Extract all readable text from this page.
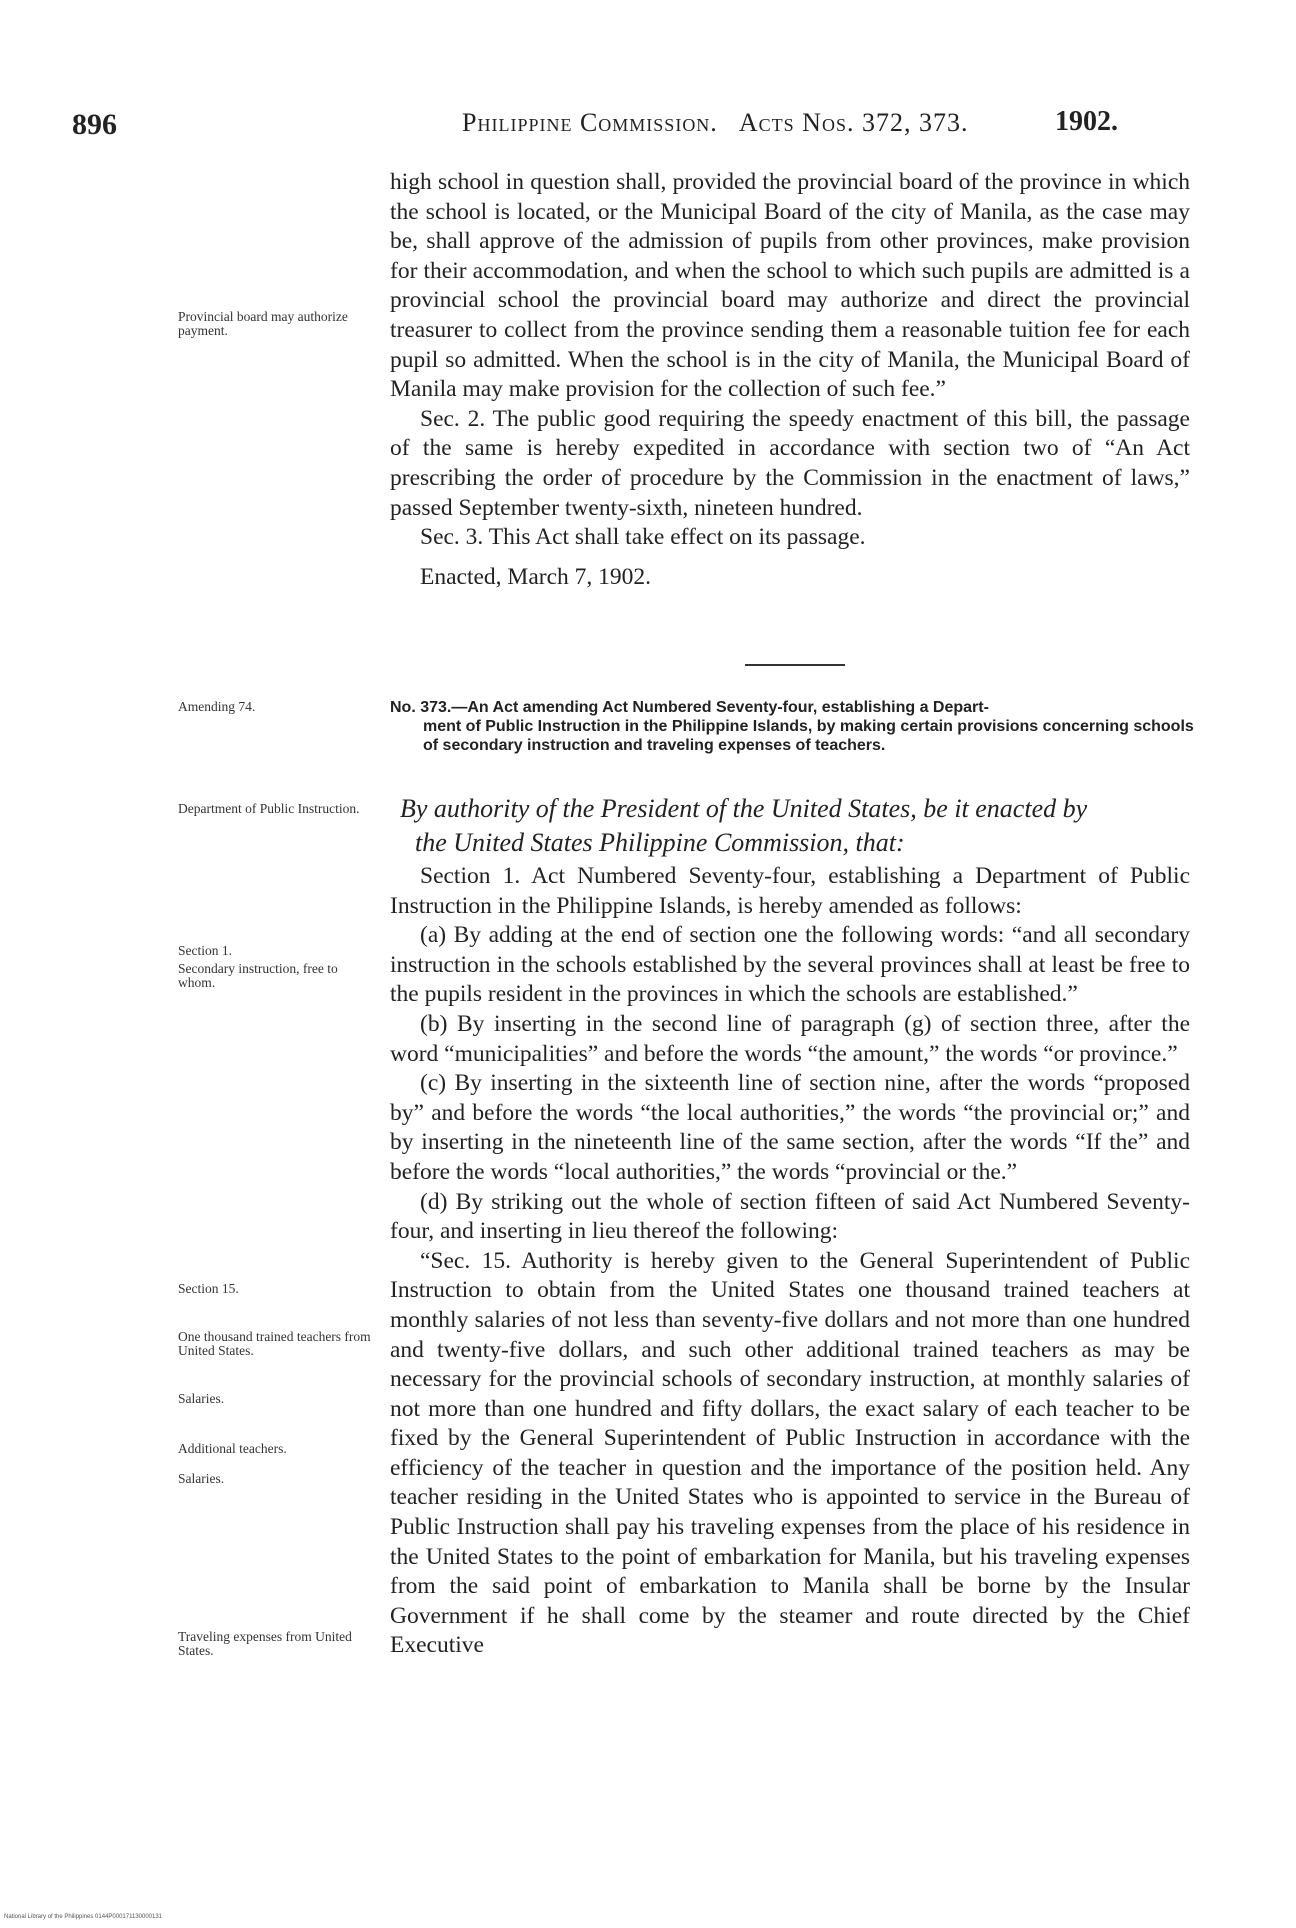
896	Philippine Commission.   Acts Nos. 372, 373.	1902.

high school in question shall, provided the provincial board of the province in which the school is located, or the Municipal Board of the city of Manila, as the case may be, shall approve of the admission of pupils from other provinces, make provision for their accommodation, and when the school to which such pupils are admitted is a provincial school the provincial board may authorize and direct the provincial treasurer to collect from the province sending them a reasonable tuition fee for each pupil so admitted. When the school is in the city of Manila, the Municipal Board of Manila may make provision for the collection of such fee.”

Sec. 2. The public good requiring the speedy enactment of this bill, the passage of the same is hereby expedited in accordance with section two of “An Act prescribing the order of procedure by the Commission in the enactment of laws,” passed September twenty-sixth, nineteen hundred.

Sec. 3. This Act shall take effect on its passage.

Enacted, March 7, 1902.

No. 373.—An Act amending Act Numbered Seventy-four, establishing a Depart-
ment of Public Instruction in the Philippine Islands, by making certain provisions concerning schools of secondary instruction and traveling expenses of teachers.
By authority of the President of the United States, be it enacted by
the United States Philippine Commission, that:

Section 1. Act Numbered Seventy-four, establishing a Department of Public Instruction in the Philippine Islands, is hereby amended as follows:

(a) By adding at the end of section one the following words: “and all secondary instruction in the schools established by the several provinces shall at least be free to the pupils resident in the provinces in which the schools are established.”

(b) By inserting in the second line of paragraph (g) of section three, after the word “municipalities” and before the words “the amount,” the words “or province.”

(c) By inserting in the sixteenth line of section nine, after the words “proposed by” and before the words “the local authorities,” the words “the provincial or;” and by inserting in the nineteenth line of the same section, after the words “If the” and before the words “local authorities,” the words “provincial or the.”

(d) By striking out the whole of section fifteen of said Act Numbered Seventy-four, and inserting in lieu thereof the following:

“Sec. 15. Authority is hereby given to the General Superintendent of Public Instruction to obtain from the United States one thousand trained teachers at monthly salaries of not less than seventy-five dollars and not more than one hundred and twenty-five dollars, and such other additional trained teachers as may be necessary for the provincial schools of secondary instruction, at monthly salaries of not more than one hundred and fifty dollars, the exact salary of each teacher to be fixed by the General Superintendent of Public Instruction in accordance with the efficiency of the teacher in question and the importance of the position held. Any teacher residing in the United States who is appointed to service in the Bureau of Public Instruction shall pay his traveling expenses from the place of his residence in the United States to the point of embarkation for Manila, but his traveling expenses from the said point of embarkation to Manila shall be borne by the Insular Government if he shall come by the steamer and route directed by the Chief Executive

Provincial board may authorize payment.
Amending 74.
Department of Public Instruction.
Section 1.
Secondary instruction, free to whom.
Section 15.
One thousand trained teachers from United States.
Salaries.
Additional teachers.
Salaries.
Traveling expenses from United States.
National Library of the Philippines 0144P000171130000131
